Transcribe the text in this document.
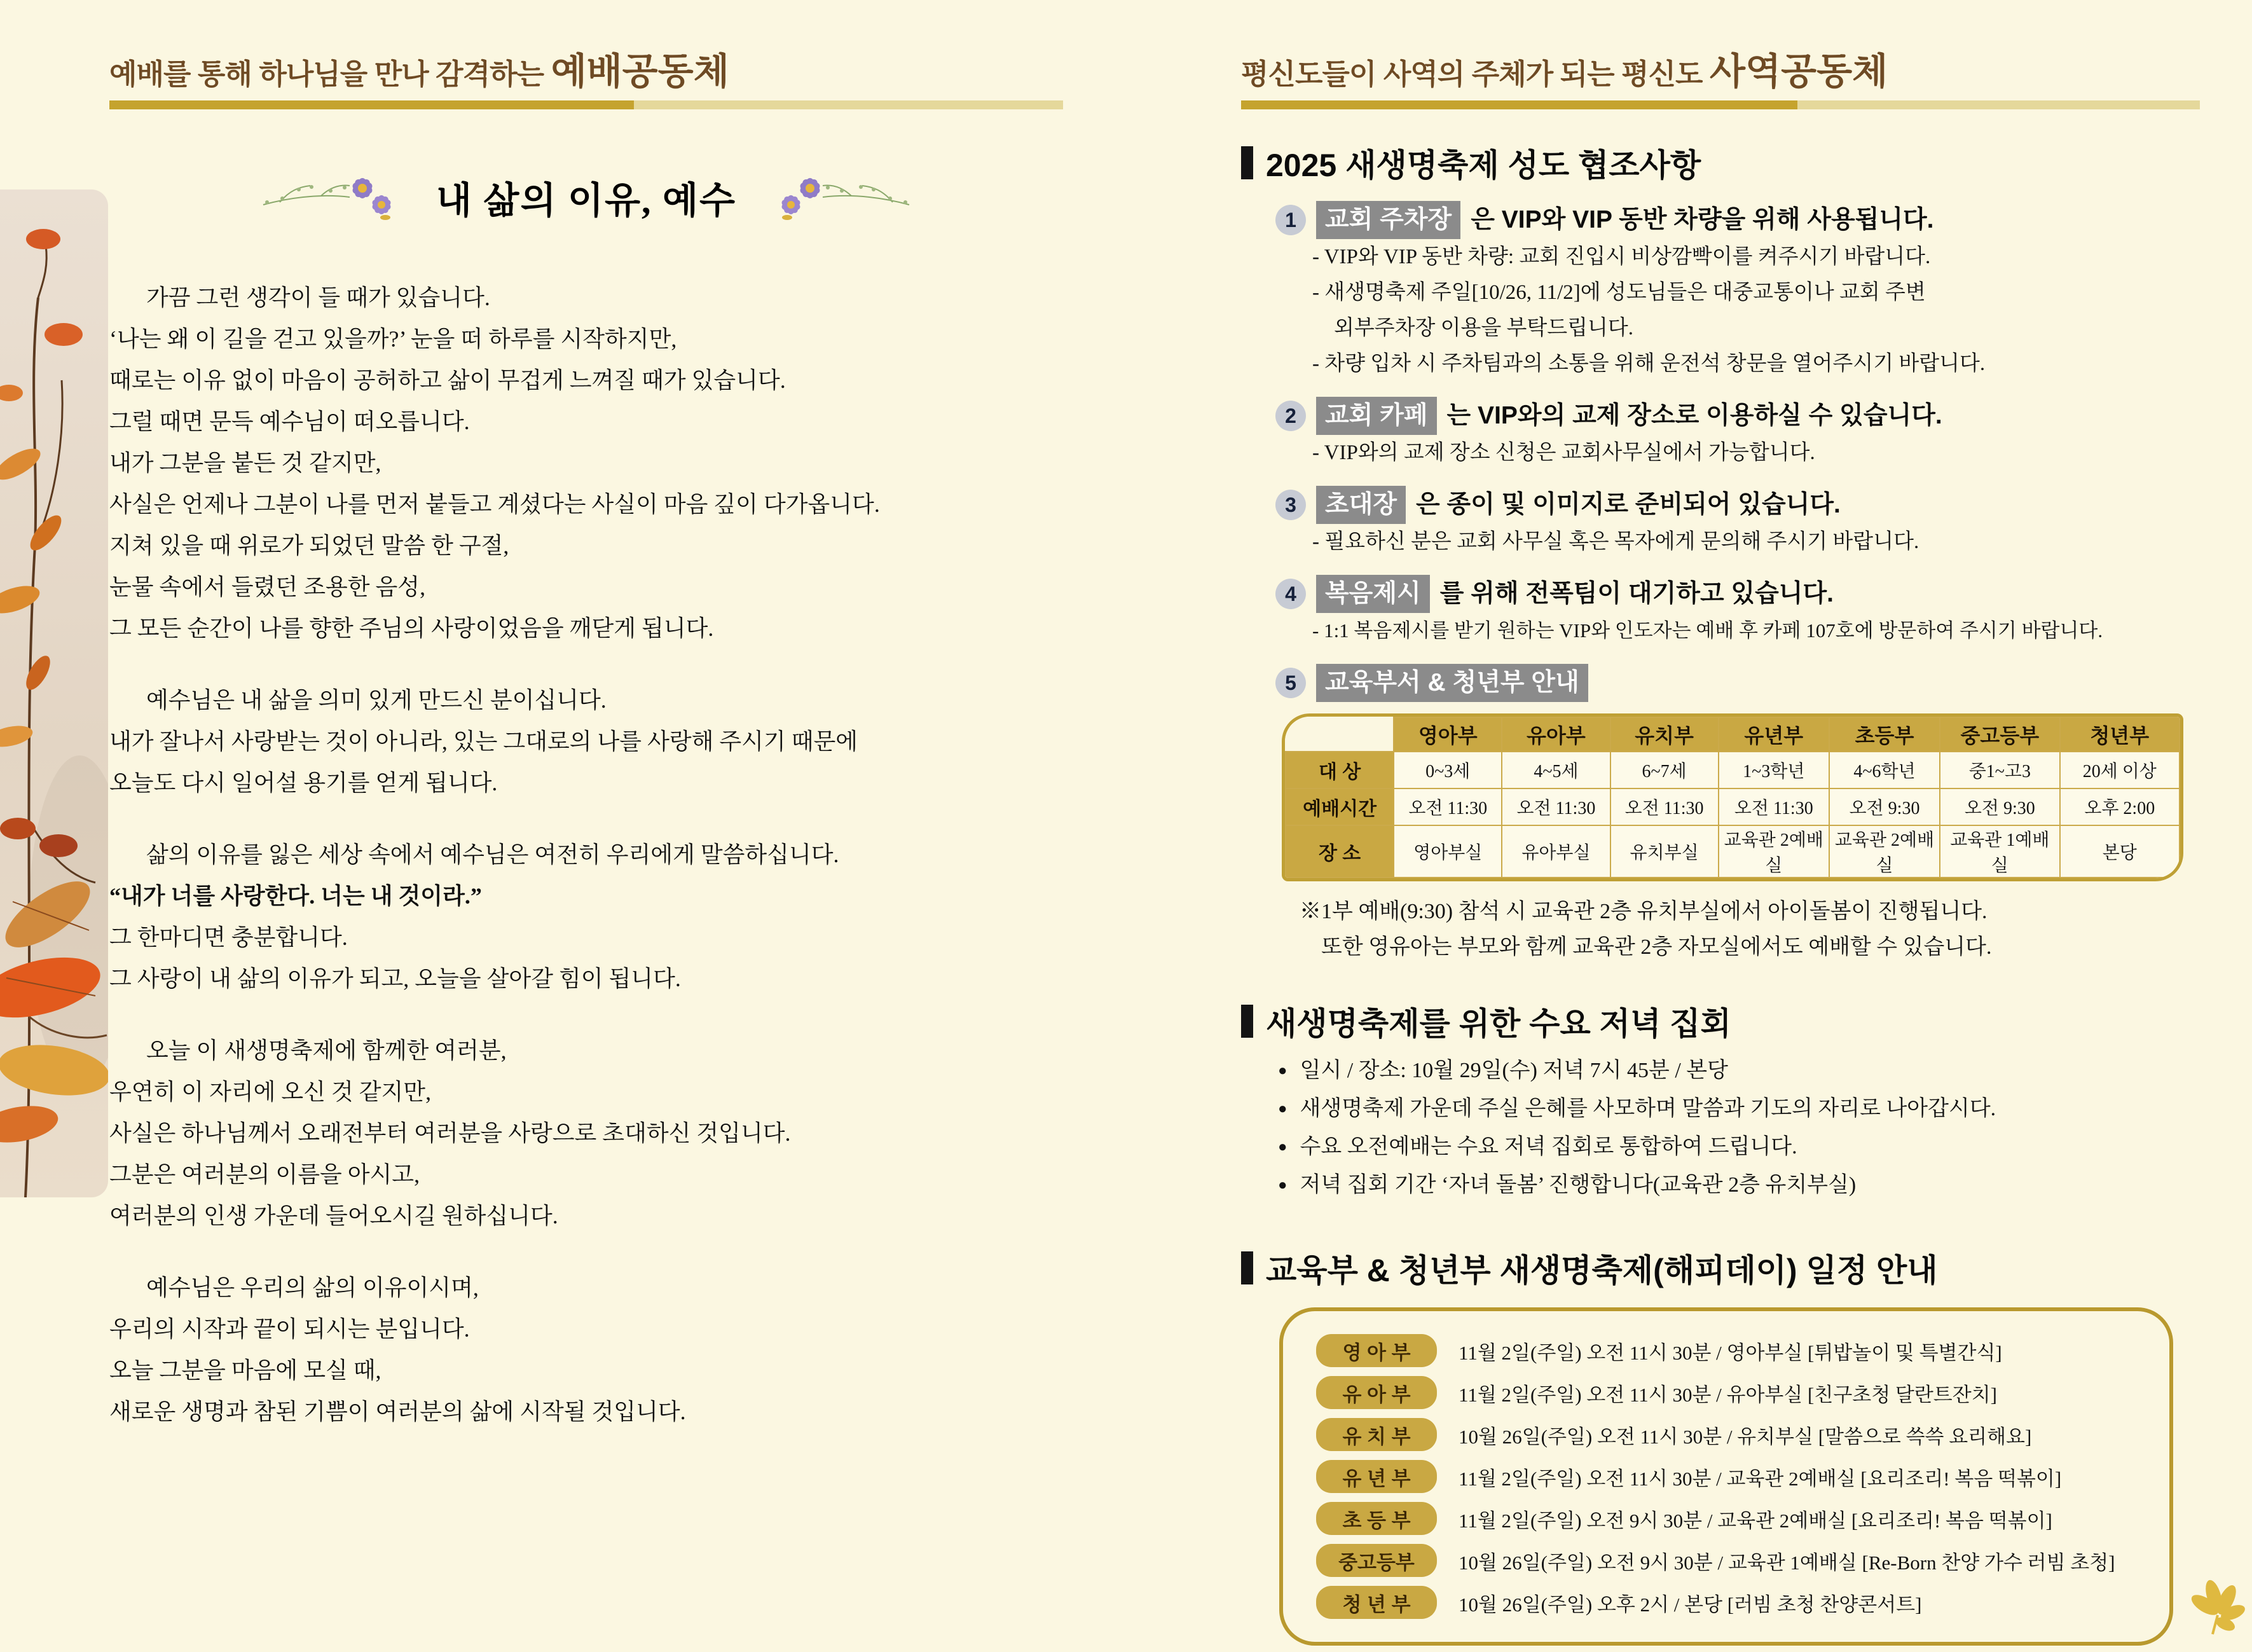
예배를 통해 하나님을 만나 감격하는 예배공동체
내 삶의 이유, 예수

가끔 그런 생각이 들 때가 있습니다.

‘나는 왜 이 길을 걷고 있을까?’ 눈을 떠 하루를 시작하지만,

때로는 이유 없이 마음이 공허하고 삶이 무겁게 느껴질 때가 있습니다.

그럴 때면 문득 예수님이 떠오릅니다.

내가 그분을 붙든 것 같지만,

사실은 언제나 그분이 나를 먼저 붙들고 계셨다는 사실이 마음 깊이 다가옵니다.

지쳐 있을 때 위로가 되었던 말씀 한 구절,

눈물 속에서 들렸던 조용한 음성,

그 모든 순간이 나를 향한 주님의 사랑이었음을 깨닫게 됩니다.

예수님은 내 삶을 의미 있게 만드신 분이십니다.

내가 잘나서 사랑받는 것이 아니라, 있는 그대로의 나를 사랑해 주시기 때문에

오늘도 다시 일어설 용기를 얻게 됩니다.

삶의 이유를 잃은 세상 속에서 예수님은 여전히 우리에게 말씀하십니다.

“내가 너를 사랑한다. 너는 내 것이라.”

그 한마디면 충분합니다.

그 사랑이 내 삶의 이유가 되고, 오늘을 살아갈 힘이 됩니다.

오늘 이 새생명축제에 함께한 여러분,

우연히 이 자리에 오신 것 같지만,

사실은 하나님께서 오래전부터 여러분을 사랑으로 초대하신 것입니다.

그분은 여러분의 이름을 아시고,

여러분의 인생 가운데 들어오시길 원하십니다.

예수님은 우리의 삶의 이유이시며,

우리의 시작과 끝이 되시는 분입니다.

오늘 그분을 마음에 모실 때,

새로운 생명과 참된 기쁨이 여러분의 삶에 시작될 것입니다.

평신도들이 사역의 주체가 되는 평신도 사역공동체
2025 새생명축제 성도 협조사항
1	교회 주차장 은 VIP와 VIP 동반 차량을 위해 사용됩니다.
- VIP와 VIP 동반 차량: 교회 진입시 비상깜빡이를 켜주시기 바랍니다.
- 새생명축제 주일[10/26, 11/2]에 성도님들은 대중교통이나 교회 주변
외부주차장 이용을 부탁드립니다.
- 차량 입차 시 주차팀과의 소통을 위해 운전석 창문을 열어주시기 바랍니다.
2	교회 카페 는 VIP와의 교제 장소로 이용하실 수 있습니다.
- VIP와의 교제 장소 신청은 교회사무실에서 가능합니다.
3	초대장 은 종이 및 이미지로 준비되어 있습니다.
- 필요하신 분은 교회 사무실 혹은 목자에게 문의해 주시기 바랍니다.
4	복음제시 를 위해 전폭팀이 대기하고 있습니다.
- 1:1 복음제시를 받기 원하는 VIP와 인도자는 예배 후 카페 107호에 방문하여 주시기 바랍니다.
5	교육부서 & 청년부 안내
	영아부	유아부	유치부	유년부	초등부	중고등부	청년부
대 상	0~3세	4~5세	6~7세	1~3학년	4~6학년	중1~고3	20세 이상
예배시간	오전 11:30	오전 11:30	오전 11:30	오전 11:30	오전 9:30	오전 9:30	오후 2:00
장 소	영아부실	유아부실	유치부실	교육관 2예배실	교육관 2예배실	교육관 1예배실	본당
※1부 예배(9:30) 참석 시 교육관 2층 유치부실에서 아이돌봄이 진행됩니다.
또한 영유아는 부모와 함께 교육관 2층 자모실에서도 예배할 수 있습니다.
새생명축제를 위한 수요 저녁 집회
● 일시 / 장소: 10월 29일(수) 저녁 7시 45분 / 본당
● 새생명축제 가운데 주실 은혜를 사모하며 말씀과 기도의 자리로 나아갑시다.
● 수요 오전예배는 수요 저녁 집회로 통합하여 드립니다.
● 저녁 집회 기간 ‘자녀 돌봄’ 진행합니다(교육관 2층 유치부실)
교육부 & 청년부 새생명축제(해피데이) 일정 안내
영 아 부	11월 2일(주일) 오전 11시 30분 / 영아부실 [튀밥놀이 및 특별간식]
유 아 부	11월 2일(주일) 오전 11시 30분 / 유아부실 [친구초청 달란트잔치]
유 치 부	10월 26일(주일) 오전 11시 30분 / 유치부실 [말씀으로 쓱쓱 요리해요]
유 년 부	11월 2일(주일) 오전 11시 30분 / 교육관 2예배실 [요리조리! 복음 떡볶이]
초 등 부	11월 2일(주일) 오전 9시 30분 / 교육관 2예배실 [요리조리! 복음 떡볶이]
중고등부	10월 26일(주일) 오전 9시 30분 / 교육관 1예배실 [Re-Born 찬양 가수 러빔 초청]
청 년 부	10월 26일(주일) 오후 2시 / 본당 [러빔 초청 찬양콘서트]
